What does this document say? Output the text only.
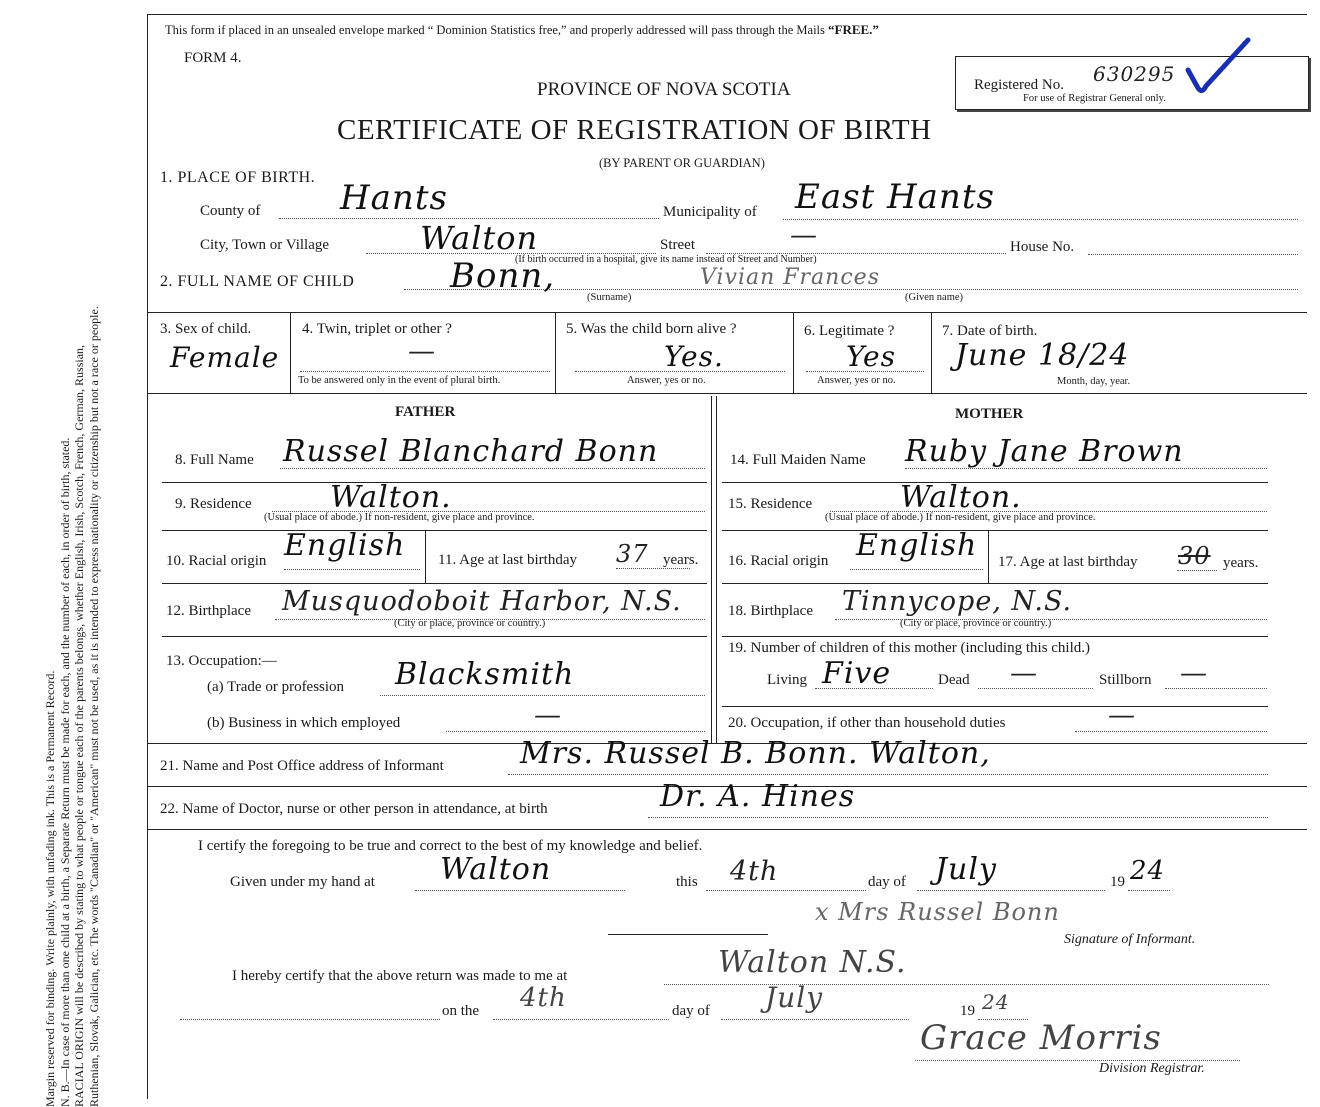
Margin reserved for binding. Write plainly, with unfading ink. This is a Permanent Record. N. B.—In case of more than one child at a birth, a Separate Return must be made for each, and the number of each, in order of birth, stated. RACIAL ORIGIN will be described by stating to what people or tongue each of the parents belongs, whether English, Irish, Scotch, French, German, Russian, Ruthenian, Slovak, Galician, etc. The words "Canadian" or "American" must not be used, as it is intended to express nationality or citizenship but not a race or people.
This form if placed in an unsealed envelope marked “ Dominion Statistics free,” and properly addressed will pass through the Mails “FREE.”
FORM 4.
PROVINCE OF NOVA SCOTIA
CERTIFICATE OF REGISTRATION OF BIRTH
(BY PARENT OR GUARDIAN)
Registered No. 630295
For use of Registrar General only.
1. PLACE OF BIRTH.
County of Hants	Municipality of East Hants
City, Town or Village	Walton	Street	—	House No.
(If birth occurred in a hospital, give its name instead of Street and Number)
2. FULL NAME OF CHILD	Bonn,	Vivian Frances
(Surname)	(Given name)
3. Sex of child.
Female
4. Twin, triplet or other ?
—
To be answered only in the event of plural birth.
5. Was the child born alive ?
Yes.
Answer, yes or no.
6. Legitimate ?
Yes
Answer, yes or no.
7. Date of birth.
June 18/24
Month, day, year.
FATHER	MOTHER
8. Full Name Russel Blanchard Bonn
9. Residence	Walton.
(Usual place of abode.) If non-resident, give place and province.
10. Racial origin English 11. Age at last birthday 37 years.
12. Birthplace Musquodoboit Harbor, N.S.
(City or place, province or country.)
13. Occupation:—
(a) Trade or profession Blacksmith
(b) Business in which employed	—
14. Full Maiden Name Ruby Jane Brown
15. Residence	Walton.
(Usual place of abode.) If non-resident, give place and province.
16. Racial origin English 17. Age at last birthday 30 years.
18. Birthplace Tinnycope, N.S.
(City or place, province or country.)
19. Number of children of this mother (including this child.)
Living Five	Dead —	Stillborn —
20. Occupation, if other than household duties	—
21. Name and Post Office address of Informant	Mrs. Russel B. Bonn. Walton,
22. Name of Doctor, nurse or other person in attendance, at birth	Dr. A. Hines
I certify the foregoing to be true and correct to the best of my knowledge and belief.
Given under my hand at Walton	this 4th	day of July	19 24
x Mrs Russel Bonn
Signature of Informant.
I hereby certify that the above return was made to me at	Walton N.S.
on the 4th	day of July	19 24
Grace Morris
Division Registrar.
